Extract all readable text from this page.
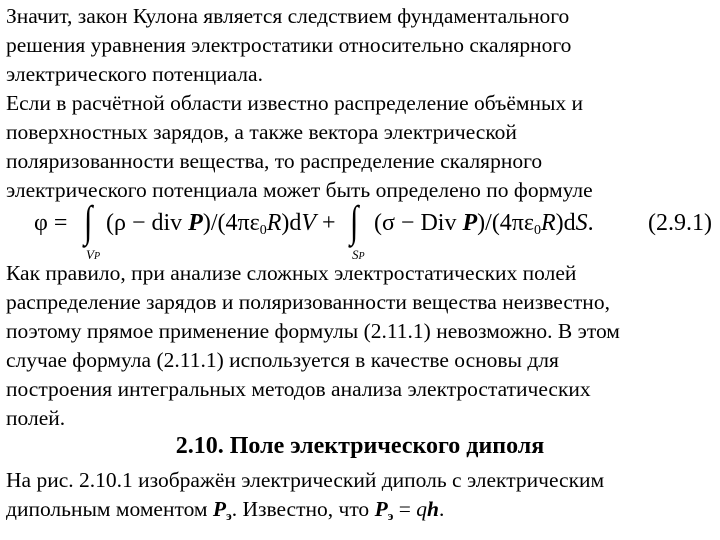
Значит, закон Кулона является следствием фундаментального
решения уравнения электростатики относительно скалярного
электрического потенциала.
Если в расчётной области известно распределение объёмных и
поверхностных зарядов, а также вектора электрической
поляризованности вещества, то распределение скалярного
электрического потенциала может быть определено по формуле
φ = ∫
VP
(ρ − div P)/(4πε0R)dV + ∫
SP
(σ − Div P)/(4πε0R)dS. (2.9.1)
Как правило, при анализе сложных электростатических полей
распределение зарядов и поляризованности вещества неизвестно,
поэтому прямое применение формулы (2.11.1) невозможно. В этом
случае формула (2.11.1) используется в качестве основы для
построения интегральных методов анализа электростатических
полей.
2.10. Поле электрического диполя
На рис. 2.10.1 изображён электрический диполь с электрическим
дипольным моментом Pэ. Известно, что Pэ = qh.
